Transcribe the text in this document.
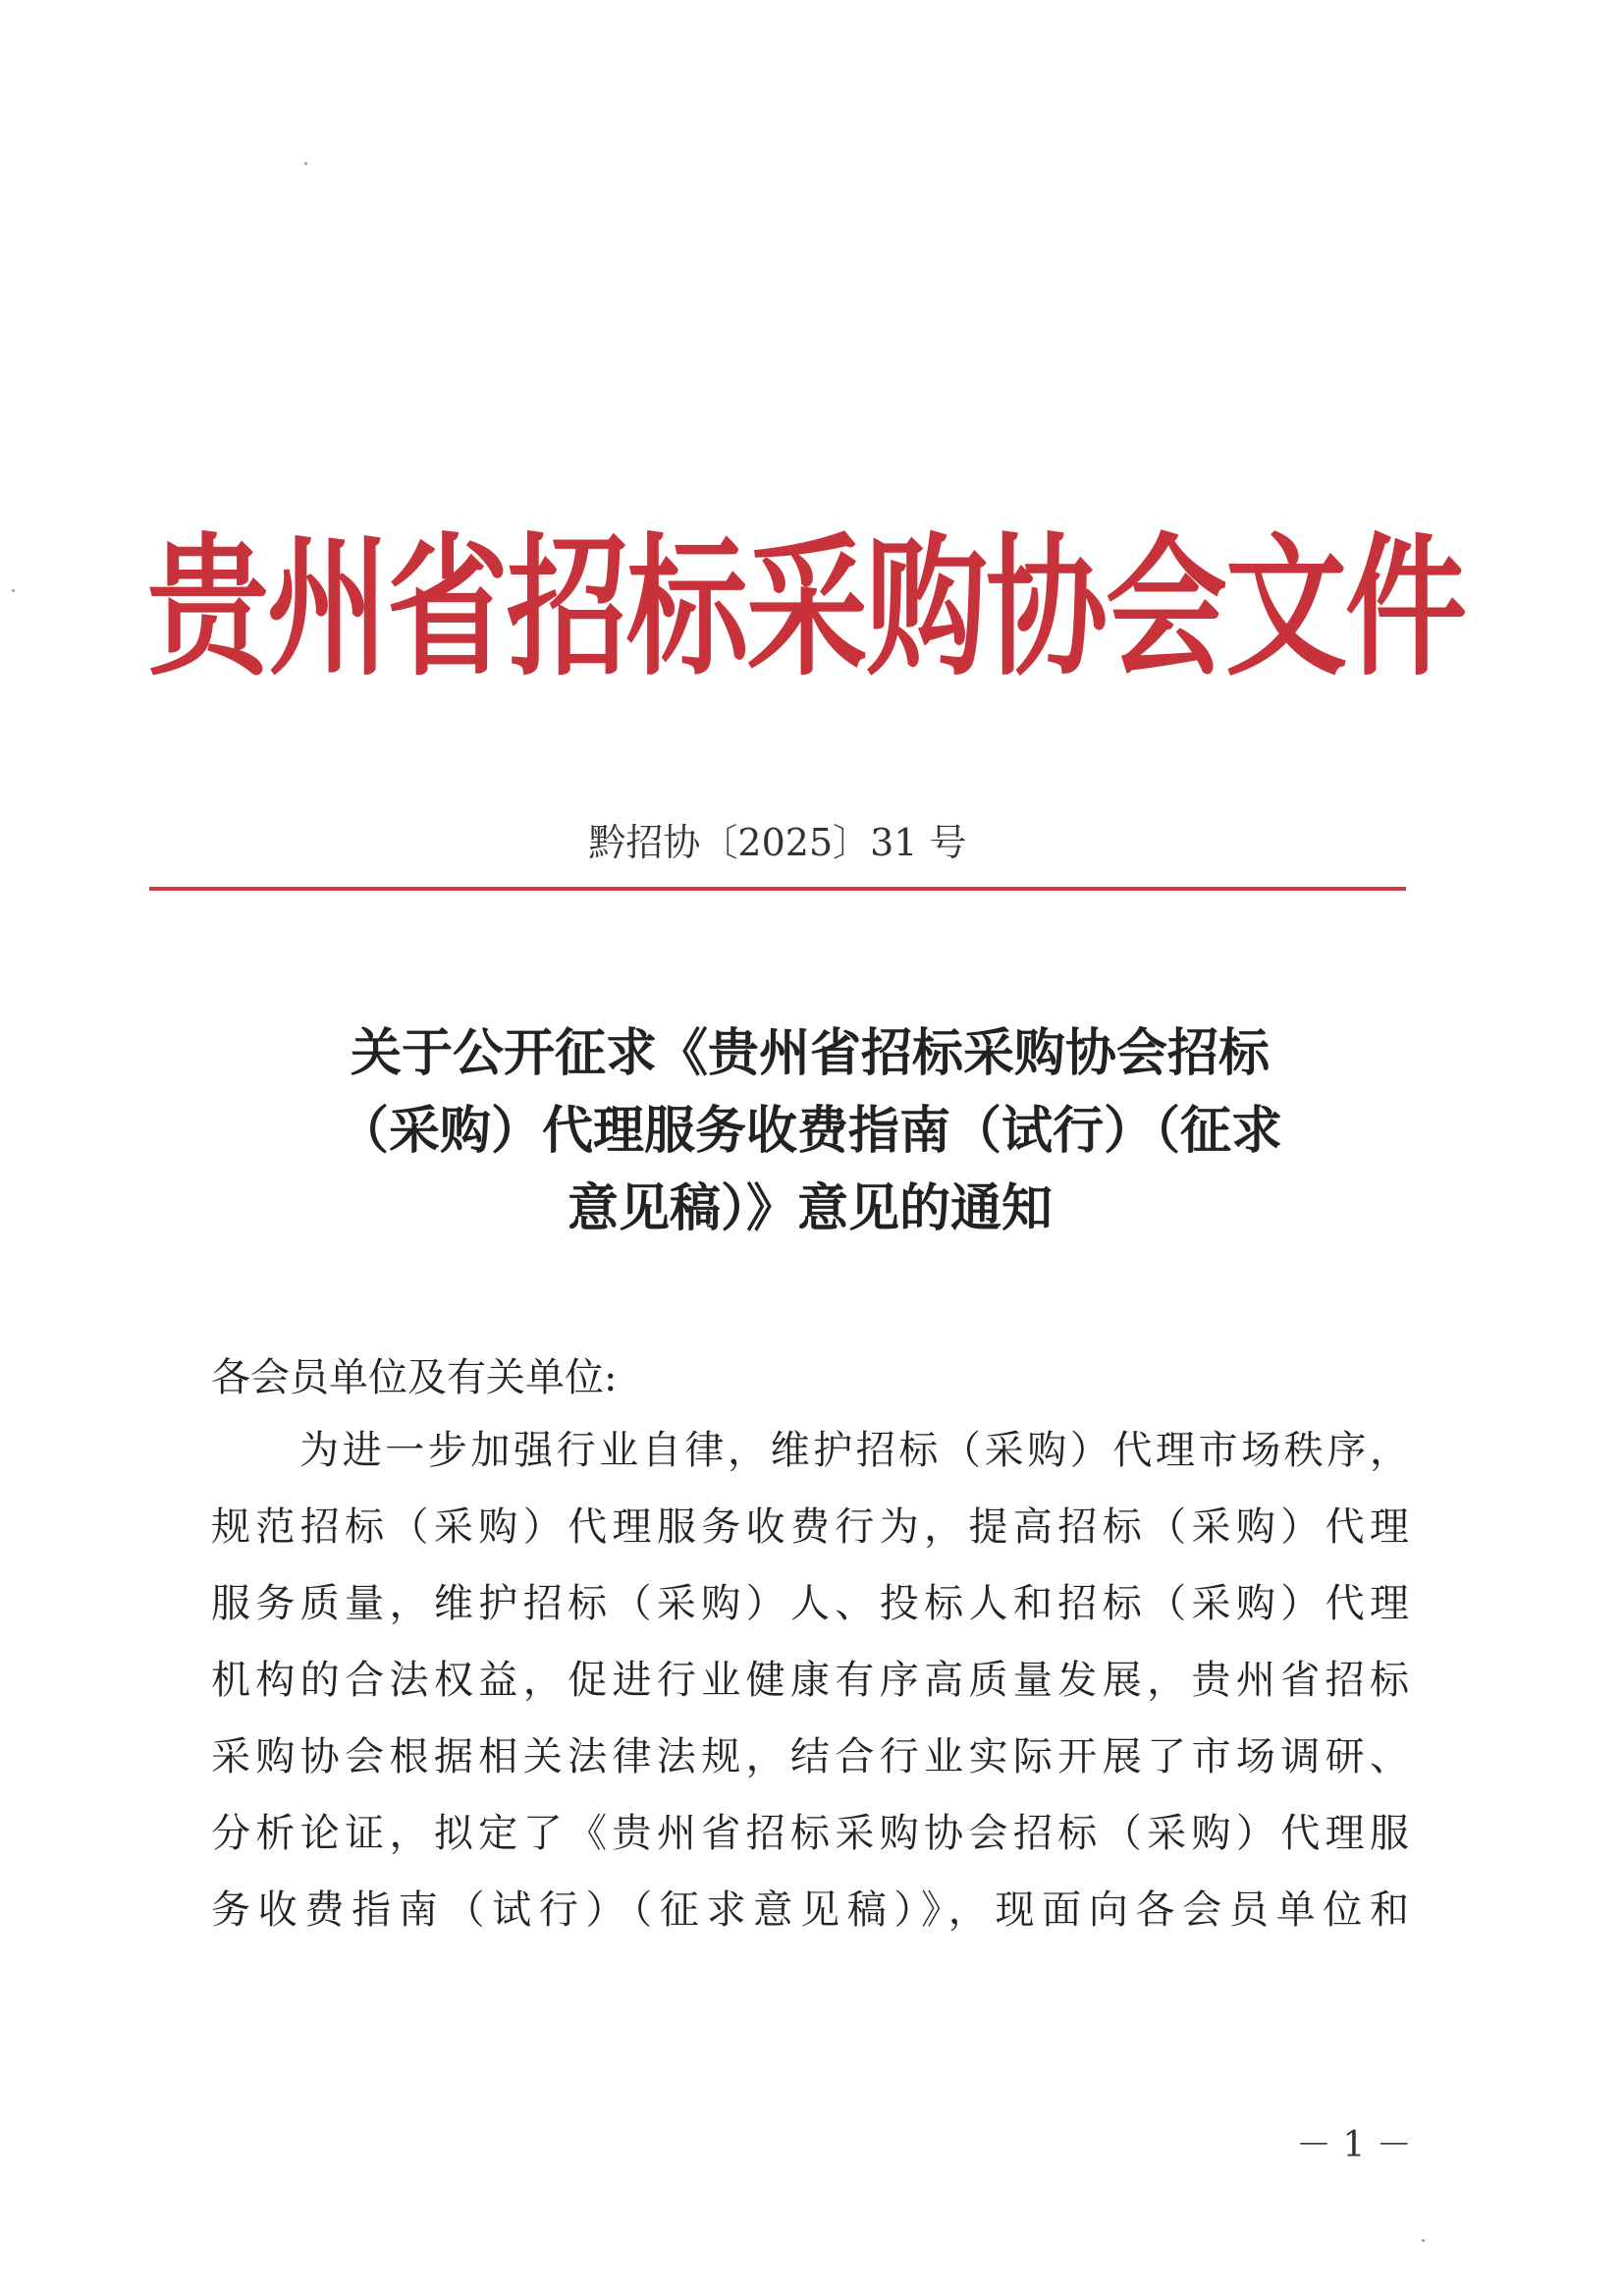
贵州省招标采购协会文件
黔招协〔2025〕31 号
关于公开征求《贵州省招标采购协会招标
（采购）代理服务收费指南（试行）（征求
意见稿）》意见的通知
各会员单位及有关单位:
为进一步加强行业自律，维护招标（采购）代理市场秩序，
规范招标（采购）代理服务收费行为，提高招标（采购）代理
服务质量，维护招标（采购）人、投标人和招标（采购）代理
机构的合法权益，促进行业健康有序高质量发展，贵州省招标
采购协会根据相关法律法规，结合行业实际开展了市场调研、
分析论证，拟定了《贵州省招标采购协会招标（采购）代理服
务收费指南（试行）（征求意见稿）》，现面向各会员单位和
－ 1 －
